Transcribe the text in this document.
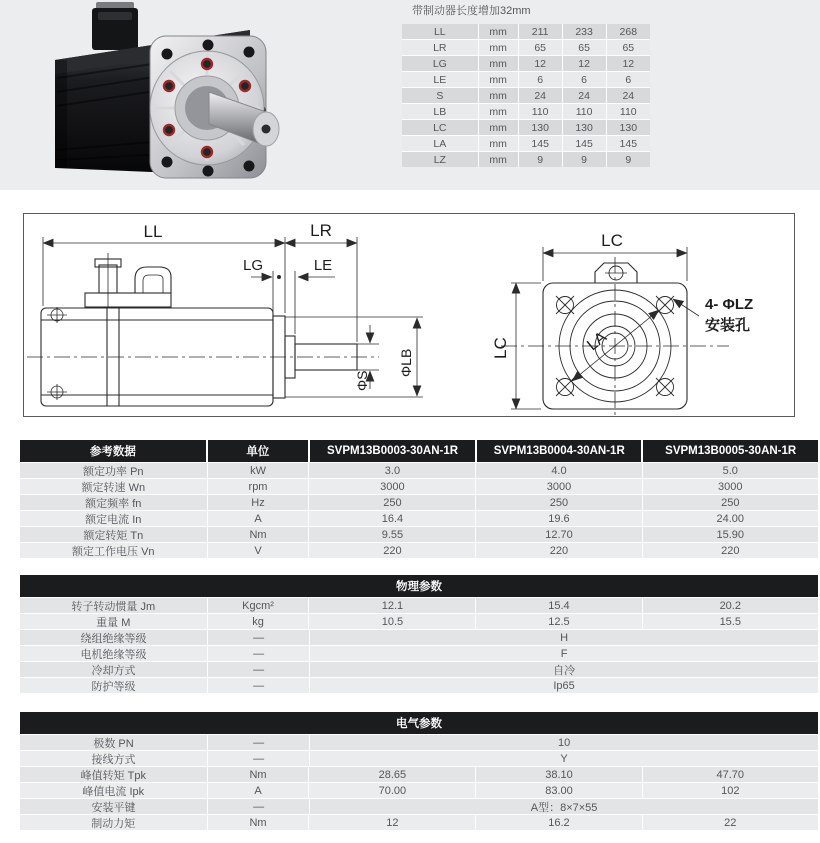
带制动器长度增加32mm
LL	mm	211	233	268
LR	mm	65	65	65
LG	mm	12	12	12
LE	mm	6	6	6
S	mm	24	24	24
LB	mm	110	110	110
LC	mm	130	130	130
LA	mm	145	145	145
LZ	mm	9	9	9
LL	LR
LG	LE
ΦS
ΦLB
LC
LC	LA
4- ΦLZ
安装孔
参考数据	单位	SVPM13B0003-30AN-1R	SVPM13B0004-30AN-1R	SVPM13B0005-30AN-1R
额定功率 Pn	kW	3.0	4.0	5.0
额定转速 Wn	rpm	3000	3000	3000
额定频率 fn	Hz	250	250	250
额定电流 In	A	16.4	19.6	24.00
额定转矩 Tn	Nm	9.55	12.70	15.90
额定工作电压 Vn	V	220	220	220
物理参数
转子转动惯量 Jm	Kgcm²	12.1	15.4	20.2
重量 M	kg	10.5	12.5	15.5
绕组绝缘等级	—	H
电机绝缘等级	—	F
冷却方式	—	自冷
防护等级	—	Ip65
电气参数
极数 PN	—	10
接线方式	—	Y
峰值转矩 Tpk	Nm	28.65	38.10	47.70
峰值电流 Ipk	A	70.00	83.00	102
安装平键	—	A型：8×7×55
制动力矩	Nm	12	16.2	22
